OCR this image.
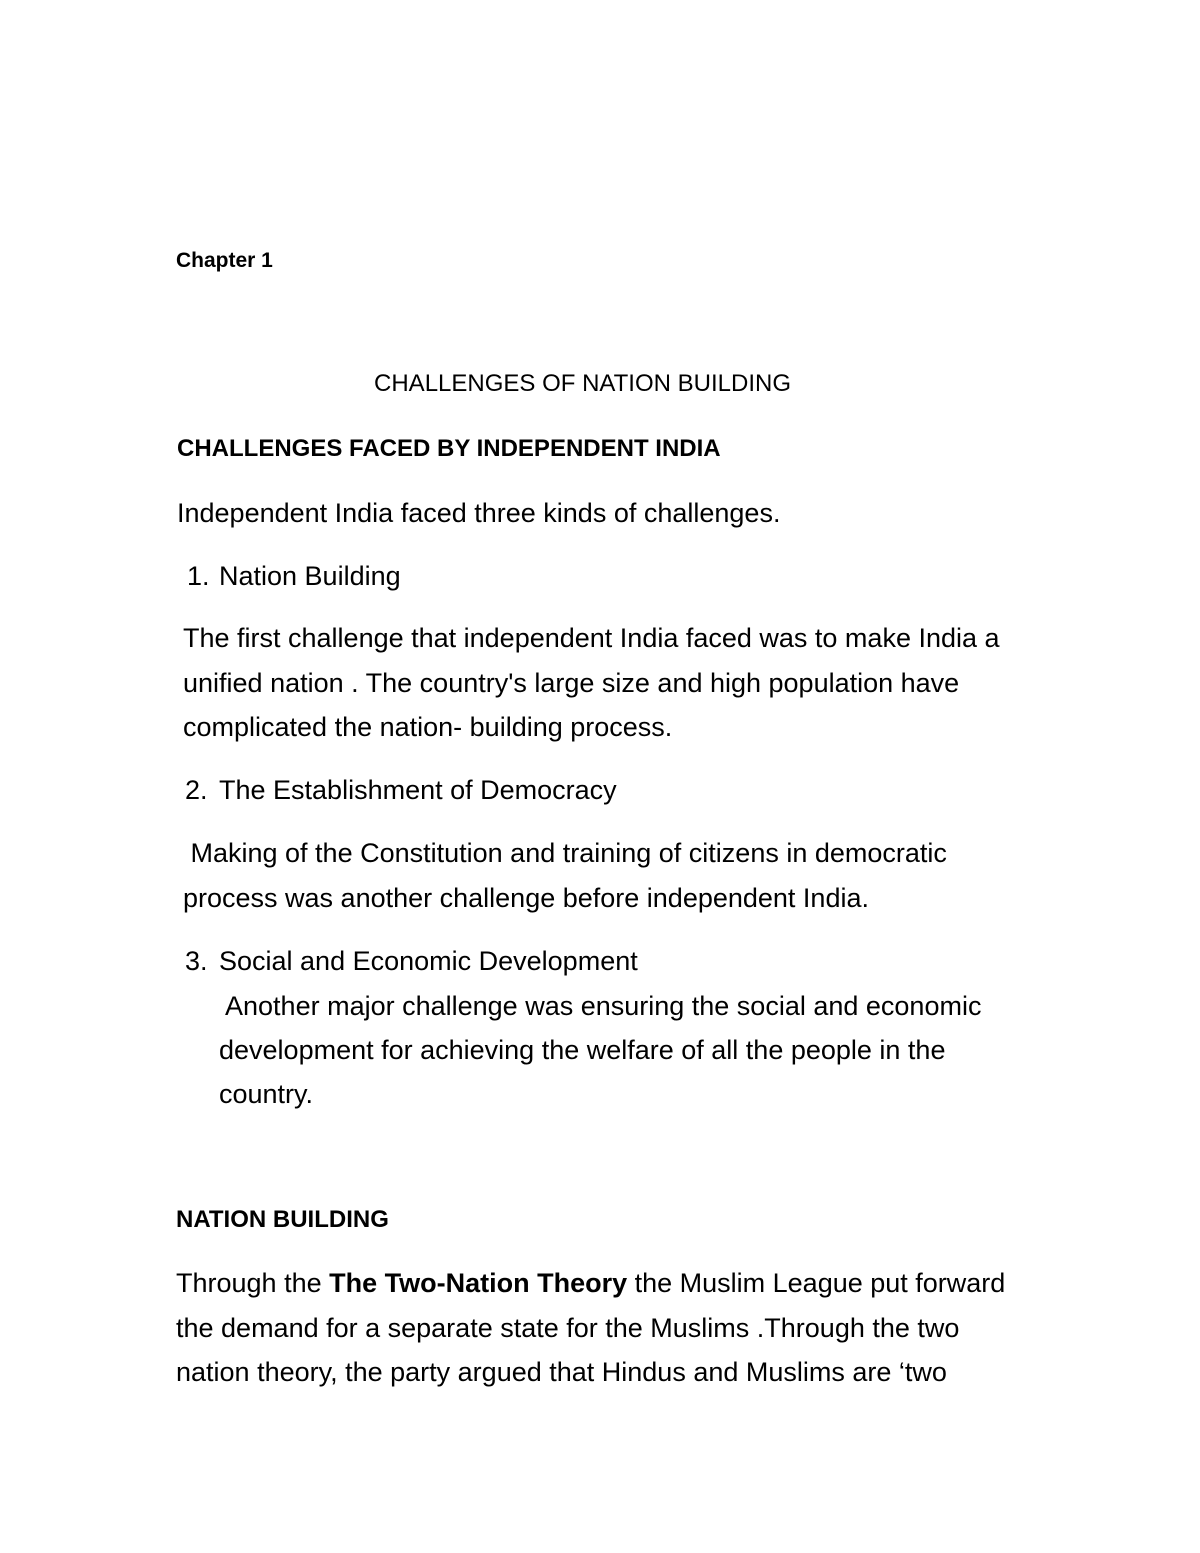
Chapter 1
CHALLENGES OF NATION BUILDING
CHALLENGES FACED BY INDEPENDENT INDIA
Independent India faced three kinds of challenges.
1. Nation Building
The first challenge that independent India faced was to make India a
unified nation . The country's large size and high population have
complicated the nation- building process.
2. The Establishment of Democracy
Making of the Constitution and training of citizens in democratic
process was another challenge before independent India.
3. Social and Economic Development
Another major challenge was ensuring the social and economic
development for achieving the welfare of all the people in the
country.
NATION BUILDING
Through the The Two-Nation Theory the Muslim League put forward
the demand for a separate state for the Muslims .Through the two
nation theory, the party argued that Hindus and Muslims are ‘two
